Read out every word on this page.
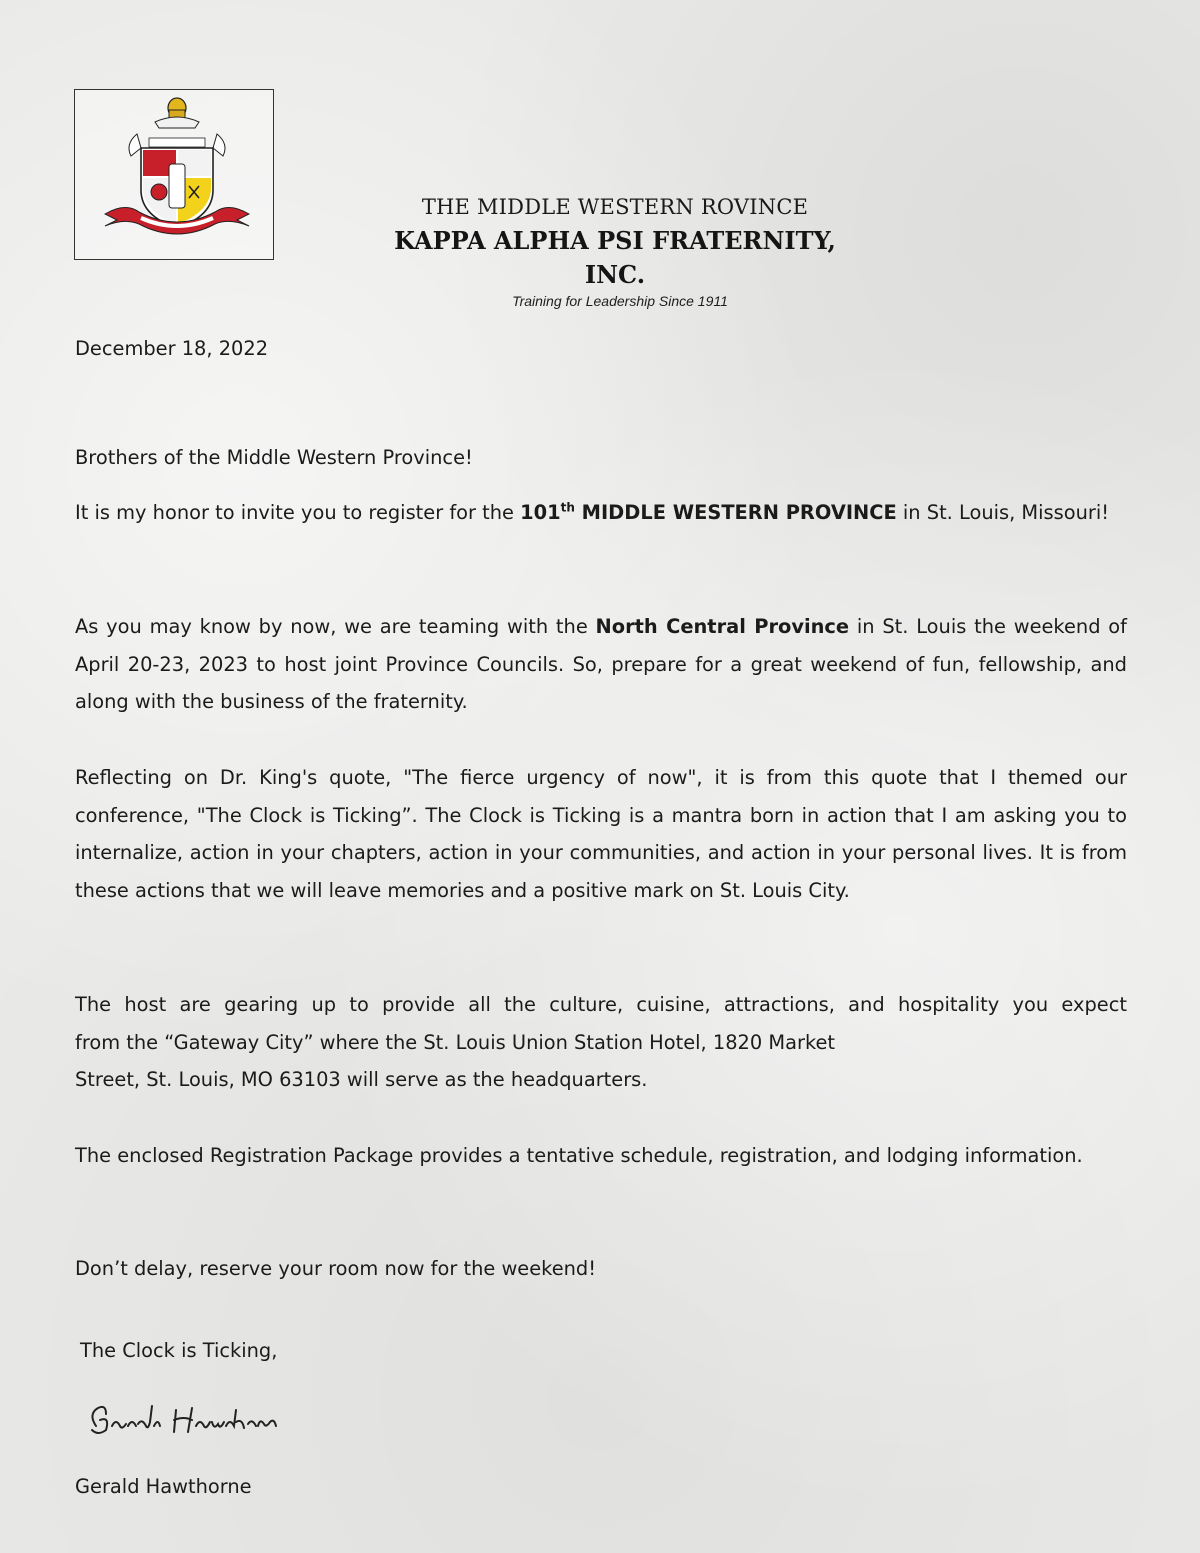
THE MIDDLE WESTERN ROVINCE
KAPPA ALPHA PSI FRATERNITY, INC.
Training for Leadership Since 1911
December 18, 2022
Brothers of the Middle Western Province!
It is my honor to invite you to register for the 101th MIDDLE WESTERN PROVINCE in St. Louis, Missouri!
As you may know by now, we are teaming with the North Central Province in St. Louis the weekend of April 20-23, 2023 to host joint Province Councils. So, prepare for a great weekend of fun, fellowship, and along with the business of the fraternity.
Reflecting on Dr. King's quote, "The fierce urgency of now", it is from this quote that I themed our conference, "The Clock is Ticking”. The Clock is Ticking is a mantra born in action that I am asking you to internalize, action in your chapters, action in your communities, and action in your personal lives. It is from these actions that we will leave memories and a positive mark on St. Louis City.
The host are gearing up to provide all the culture, cuisine, attractions, and hospitality you expect
from the “Gateway City” where the St. Louis Union Station Hotel, 1820 Market
Street, St. Louis, MO 63103 will serve as the headquarters.
The enclosed Registration Package provides a tentative schedule, registration, and lodging information.
Don’t delay, reserve your room now for the weekend!
The Clock is Ticking,
Gerald Hawthorne
